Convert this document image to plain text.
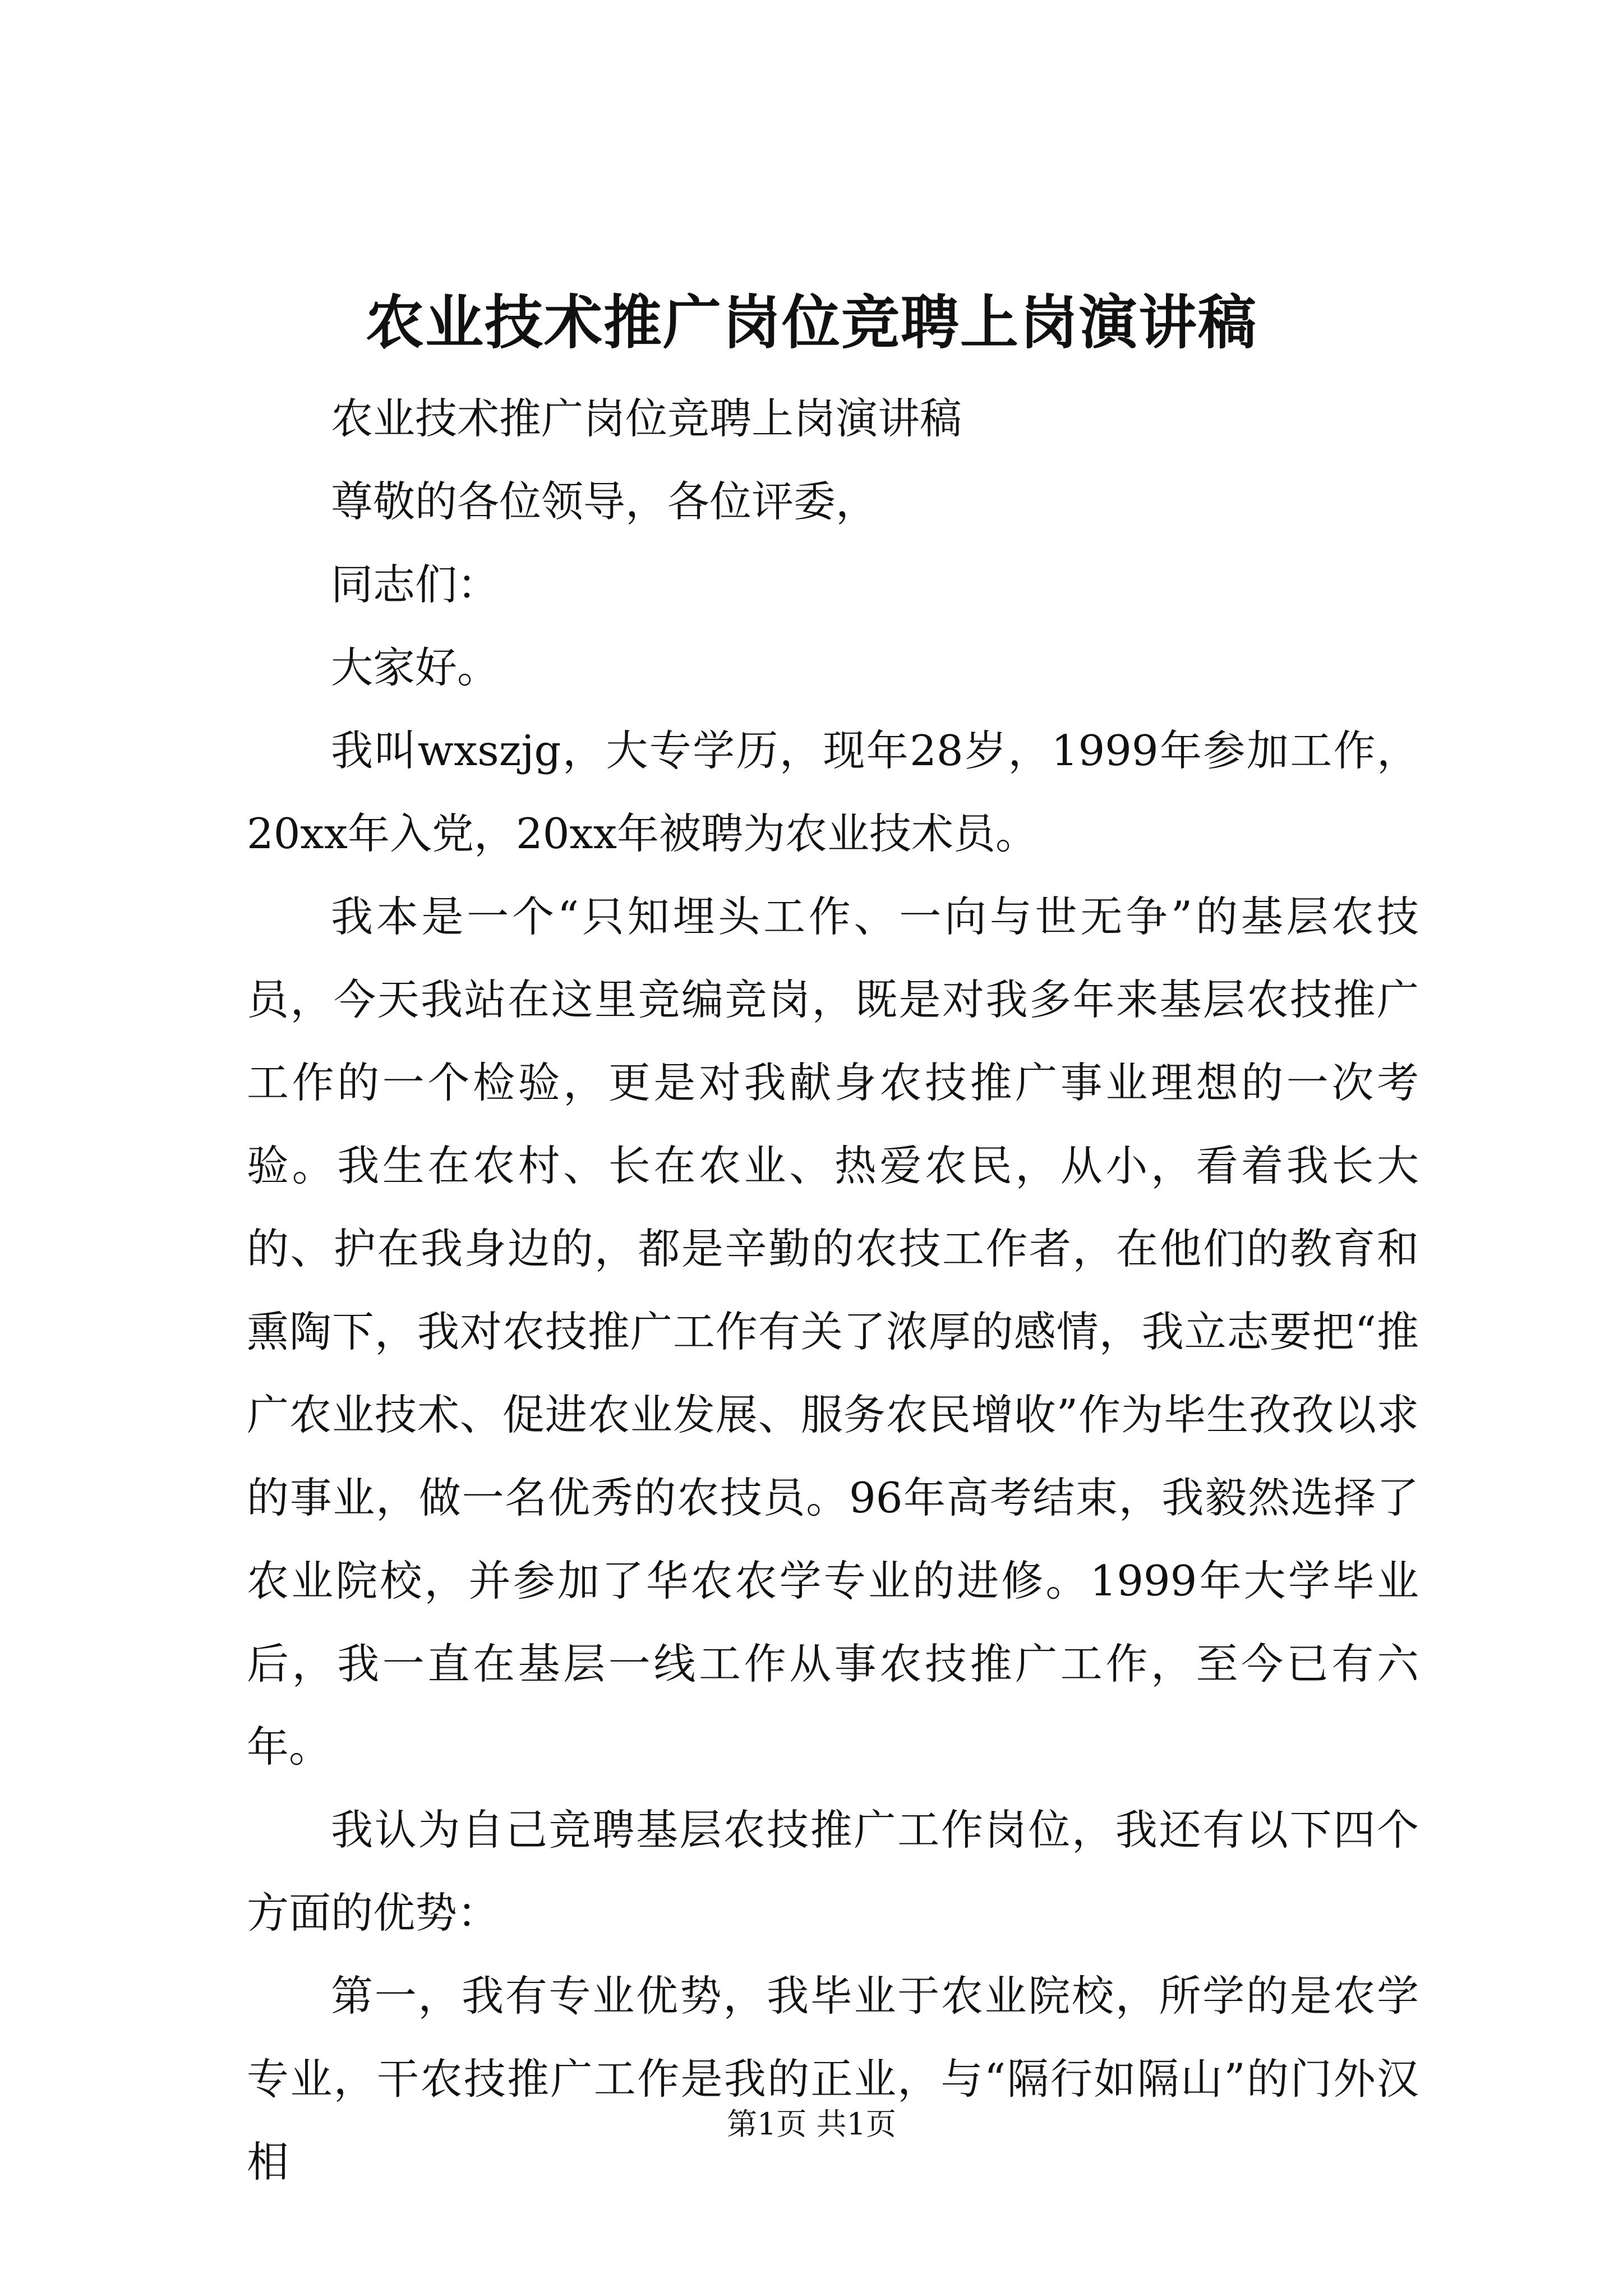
农业技术推广岗位竞聘上岗演讲稿

农业技术推广岗位竞聘上岗演讲稿

尊敬的各位领导，各位评委，

同志们：

大家好。

我叫wxszjg，大专学历，现年28岁，1999年参加工作，20xx年入党，20xx年被聘为农业技术员。

我本是一个“只知埋头工作、一向与世无争”的基层农技员，今天我站在这里竞编竞岗，既是对我多年来基层农技推广工作的一个检验，更是对我献身农技推广事业理想的一次考验。我生在农村、长在农业、热爱农民，从小，看着我长大的、护在我身边的，都是辛勤的农技工作者，在他们的教育和熏陶下，我对农技推广工作有关了浓厚的感情，我立志要把“推广农业技术、促进农业发展、服务农民增收”作为毕生孜孜以求的事业，做一名优秀的农技员。96年高考结束，我毅然选择了农业院校，并参加了华农农学专业的进修。1999年大学毕业后，我一直在基层一线工作从事农技推广工作，至今已有六年。

我认为自己竞聘基层农技推广工作岗位，我还有以下四个方面的优势：

第一，我有专业优势，我毕业于农业院校，所学的是农学专业，干农技推广工作是我的正业，与“隔行如隔山”的门外汉相

第1页 共1页
